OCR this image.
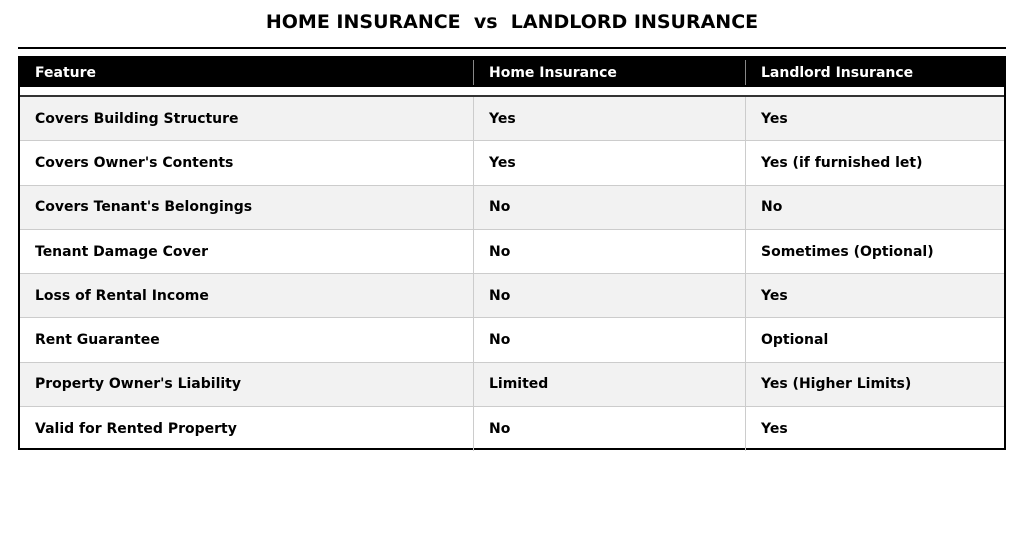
HOME INSURANCE  vs  LANDLORD INSURANCE
Feature	Home Insurance	Landlord Insurance
Covers Building Structure	Yes	Yes
Covers Owner's Contents	Yes	Yes (if furnished let)
Covers Tenant's Belongings	No	No
Tenant Damage Cover	No	Sometimes (Optional)
Loss of Rental Income	No	Yes
Rent Guarantee	No	Optional
Property Owner's Liability	Limited	Yes (Higher Limits)
Valid for Rented Property	No	Yes
